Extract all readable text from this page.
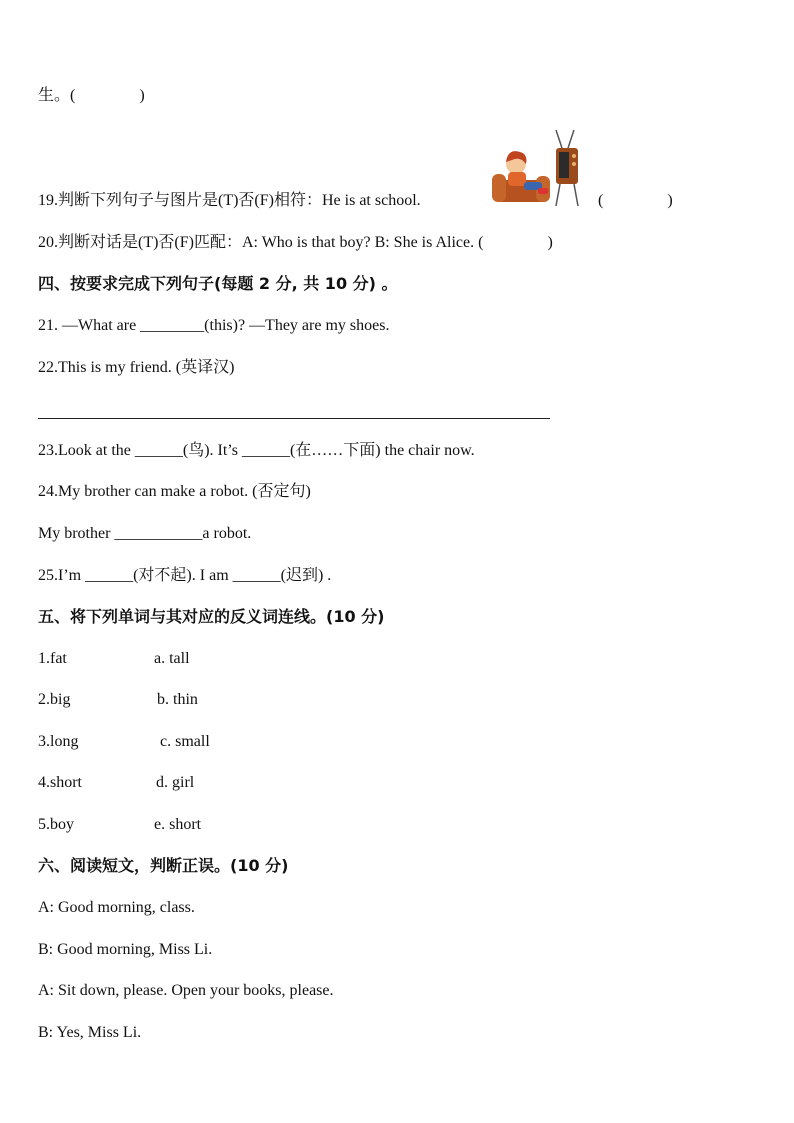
生。(　　　　)
19.判断下列句子与图片是(T)否(F)相符：He is at school.	(　　　　)
20.判断对话是(T)否(F)匹配：A: Who is that boy? B: She is Alice. (　　　　)
四、按要求完成下列句子(每题 2 分, 共 10 分) 。
21. —What are ________(this)? —They are my shoes.
22.This is my friend. (英译汉)
23.Look at the ______(鸟). It’s ______(在……下面) the chair now.
24.My brother can make a robot. (否定句)
My brother ___________a robot.
25.I’m ______(对不起). I am ______(迟到) .
五、将下列单词与其对应的反义词连线。(10 分)
1.fat	a. tall
2.big	b. thin
3.long	c. small
4.short	d. girl
5.boy	e. short
六、阅读短文，判断正误。(10 分)
A: Good morning, class.
B: Good morning, Miss Li.
A: Sit down, please. Open your books, please.
B: Yes, Miss Li.
